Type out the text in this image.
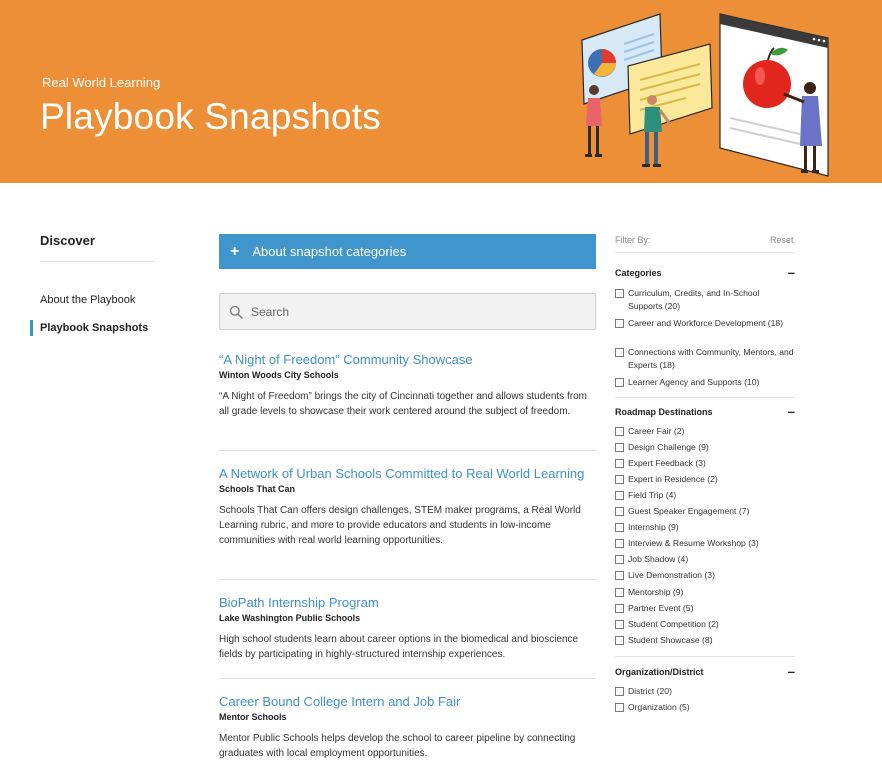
Real World Learning
Playbook Snapshots
Discover
About the Playbook
Playbook Snapshots
+ About snapshot categories
Search
“A Night of Freedom” Community Showcase
Winton Woods City Schools
“A Night of Freedom” brings the city of Cincinnati together and allows students from all grade levels to showcase their work centered around the subject of freedom.
A Network of Urban Schools Committed to Real World Learning
Schools That Can
Schools That Can offers design challenges, STEM maker programs, a Real World Learning rubric, and more to provide educators and students in low-income communities with real world learning opportunities.
BioPath Internship Program
Lake Washington Public Schools
High school students learn about career options in the biomedical and bioscience fields by participating in highly-structured internship experiences.
Career Bound College Intern and Job Fair
Mentor Schools
Mentor Public Schools helps develop the school to career pipeline by connecting graduates with local employment opportunities.
Filter By:	Reset
Categories	–
Curriculum, Credits, and In-School Supports (20)
Career and Workforce Development (18)
Connections with Community, Mentors, and Experts (18)
Learner Agency and Supports (10)
Roadmap Destinations	–
Career Fair (2)
Design Challenge (9)
Expert Feedback (3)
Expert in Residence (2)
Field Trip (4)
Guest Speaker Engagement (7)
Internship (9)
Interview & Resume Workshop (3)
Job Shadow (4)
Live Demonstration (3)
Mentorship (9)
Partner Event (5)
Student Competition (2)
Student Showcase (8)
Organization/District	–
District (20)
Organization (5)
